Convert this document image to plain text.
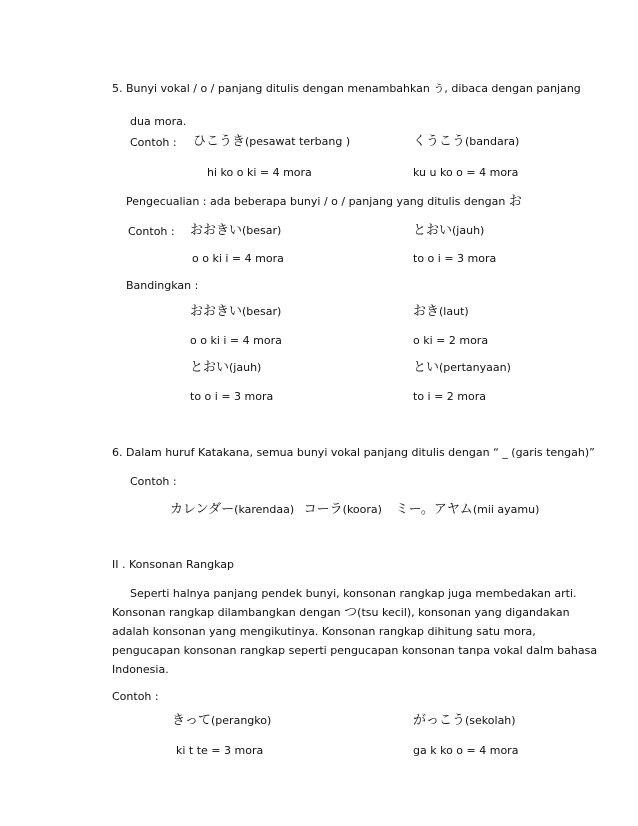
5. Bunyi vokal / o / panjang ditulis dengan menambahkan う, dibaca dengan panjang
dua mora.
Contoh : ひこうき(pesawat terbang )	くうこう(bandara)
hi ko o ki = 4 mora	ku u ko o = 4 mora
Pengecualian : ada beberapa bunyi / o / panjang yang ditulis dengan お
Contoh : おおきい(besar)	とおい(jauh)
o o ki i = 4 mora	to o i = 3 mora
Bandingkan :
おおきい(besar)	おき(laut)
o o ki i = 4 mora	o ki = 2 mora
とおい(jauh)	とい(pertanyaan)
to o i = 3 mora	to i = 2 mora
6. Dalam huruf Katakana, semua bunyi vokal panjang ditulis dengan “ _ (garis tengah)”
Contoh :
カレンダー(karendaa) コーラ(koora) ミー。アヤム(mii ayamu)
II . Konsonan Rangkap
Seperti halnya panjang pendek bunyi, konsonan rangkap juga membedakan arti.
Konsonan rangkap dilambangkan dengan つ(tsu kecil), konsonan yang digandakan
adalah konsonan yang mengikutinya. Konsonan rangkap dihitung satu mora,
pengucapan konsonan rangkap seperti pengucapan konsonan tanpa vokal dalm bahasa
Indonesia.
Contoh :
きって(perangko)	がっこう(sekolah)
ki t te = 3 mora	ga k ko o = 4 mora
